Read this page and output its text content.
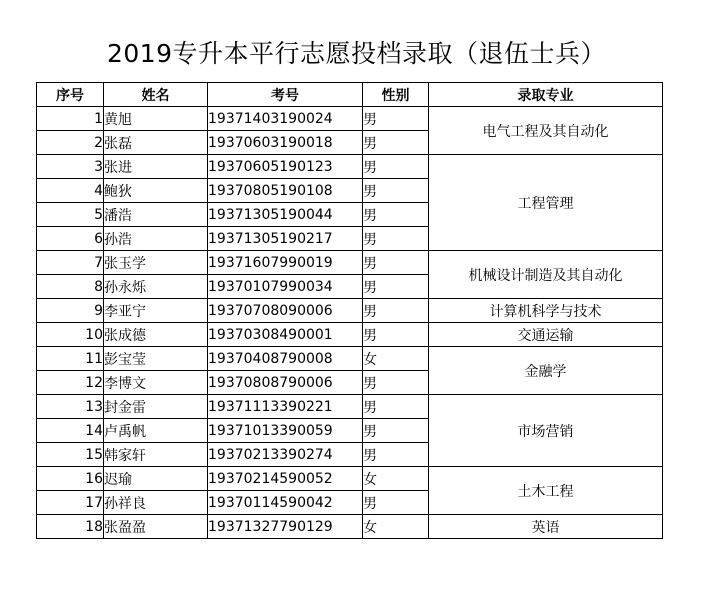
2019专升本平行志愿投档录取（退伍士兵）
序号	姓名	考号	性别	录取专业
1	黄旭	19371403190024	男	电气工程及其自动化
2	张磊	19370603190018	男	
3	张进	19370605190123	男	工程管理
4	鲍狄	19370805190108	男	
5	潘浩	19371305190044	男	
6	孙浩	19371305190217	男	
7	张玉学	19371607990019	男	机械设计制造及其自动化
8	孙永烁	19370107990034	男	
9	李亚宁	19370708090006	男	计算机科学与技术
10	张成德	19370308490001	男	交通运输
11	彭宝莹	19370408790008	女	金融学
12	李博文	19370808790006	男	
13	封金雷	19371113390221	男	市场营销
14	卢禹帆	19371013390059	男	
15	韩家轩	19370213390274	男	
16	迟瑜	19370214590052	女	土木工程
17	孙祥良	19370114590042	男	
18	张盈盈	19371327790129	女	英语
